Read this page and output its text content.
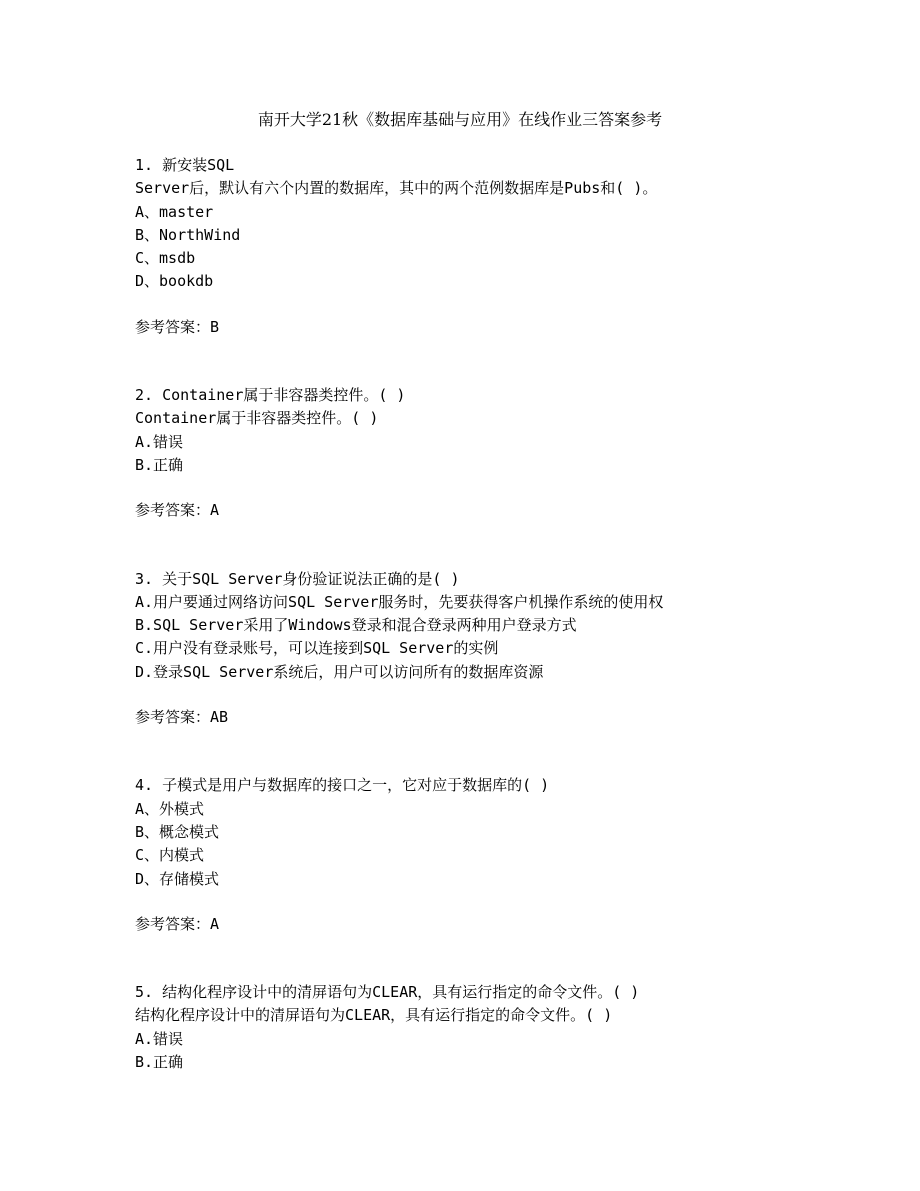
南开大学21秋《数据库基础与应用》在线作业三答案参考
1. 新安装SQL
Server后，默认有六个内置的数据库，其中的两个范例数据库是Pubs和( )。
A、master
B、NorthWind
C、msdb
D、bookdb
参考答案：B
2. Container属于非容器类控件。( )
Container属于非容器类控件。( )
A.错误
B.正确
参考答案：A
3. 关于SQL Server身份验证说法正确的是( )
A.用户要通过网络访问SQL Server服务时，先要获得客户机操作系统的使用权
B.SQL Server采用了Windows登录和混合登录两种用户登录方式
C.用户没有登录账号，可以连接到SQL Server的实例
D.登录SQL Server系统后，用户可以访问所有的数据库资源
参考答案：AB
4. 子模式是用户与数据库的接口之一，它对应于数据库的( )
A、外模式
B、概念模式
C、内模式
D、存储模式
参考答案：A
5. 结构化程序设计中的清屏语句为CLEAR，具有运行指定的命令文件。( )
结构化程序设计中的清屏语句为CLEAR，具有运行指定的命令文件。( )
A.错误
B.正确
